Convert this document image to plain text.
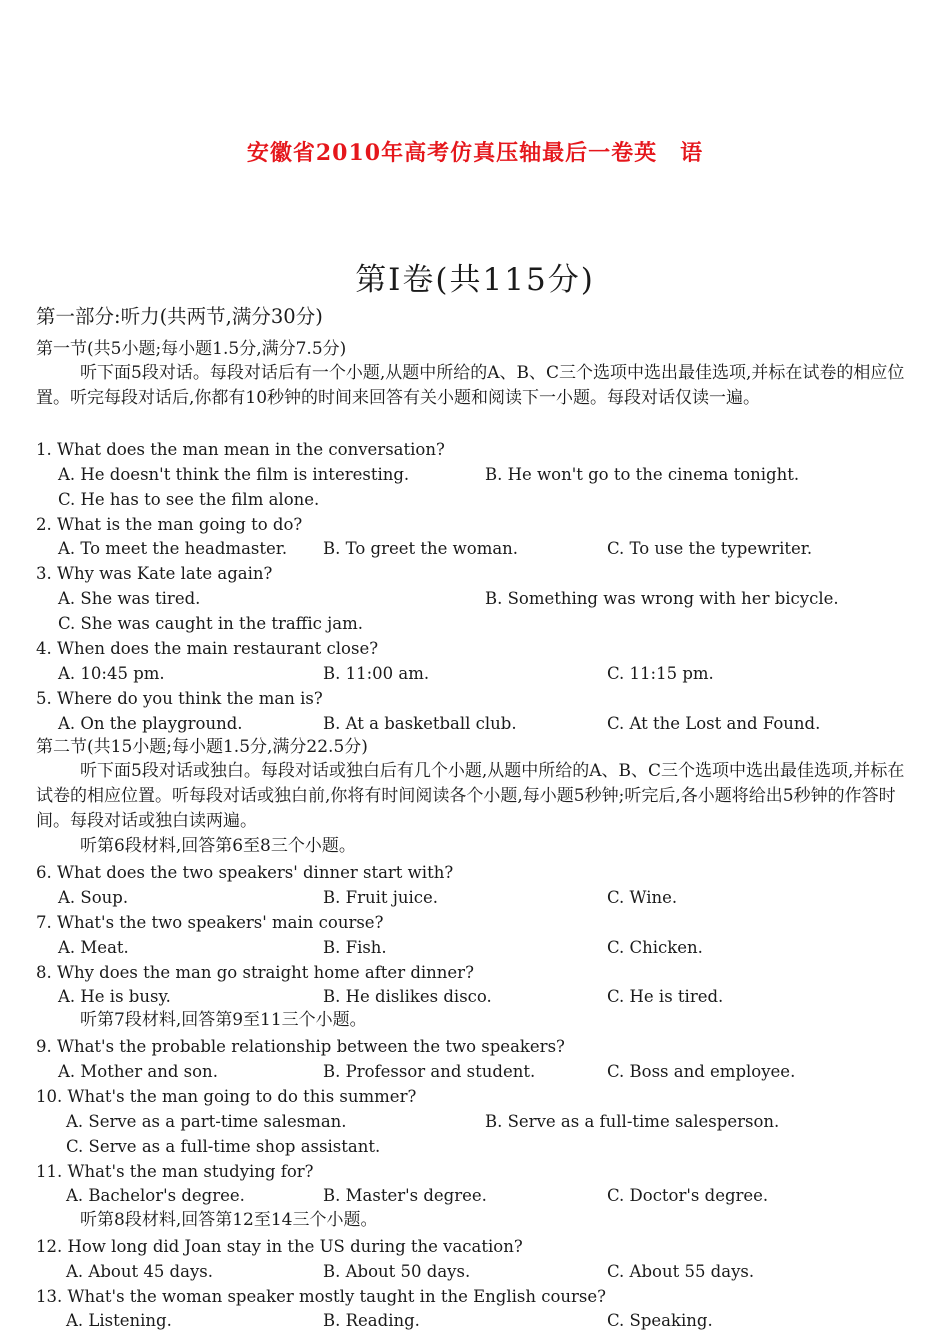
安徽省2010年高考仿真压轴最后一卷英　语
第Ⅰ卷(共115分)
第一部分:听力(共两节,满分30分)
第一节(共5小题;每小题1.5分,满分7.5分)
听下面5段对话。每段对话后有一个小题,从题中所给的A、B、C三个选项中选出最佳选项,并标在试卷的相应位置。听完每段对话后,你都有10秒钟的时间来回答有关小题和阅读下一小题。每段对话仅读一遍。
1. What does the man mean in the conversation?
A. He doesn't think the film is interesting.	B. He won't go to the cinema tonight.
C. He has to see the film alone.
2. What is the man going to do?
A. To meet the headmaster. B. To greet the woman.	C. To use the typewriter.
3. Why was Kate late again?
A. She was tired.	B. Something was wrong with her bicycle.
C. She was caught in the traffic jam.
4. When does the main restaurant close?
A. 10:45 pm.	B. 11:00 am.	C. 11:15 pm.
5. Where do you think the man is?
A. On the playground.	B. At a basketball club.	C. At the Lost and Found.
第二节(共15小题;每小题1.5分,满分22.5分)
听下面5段对话或独白。每段对话或独白后有几个小题,从题中所给的A、B、C三个选项中选出最佳选项,并标在试卷的相应位置。听每段对话或独白前,你将有时间阅读各个小题,每小题5秒钟;听完后,各小题将给出5秒钟的作答时间。每段对话或独白读两遍。
听第6段材料,回答第6至8三个小题。
6. What does the two speakers' dinner start with?
A. Soup.	B. Fruit juice.	C. Wine.
7. What's the two speakers' main course?
A. Meat.	B. Fish.	C. Chicken.
8. Why does the man go straight home after dinner?
A. He is busy.	B. He dislikes disco.	C. He is tired.
听第7段材料,回答第9至11三个小题。
9. What's the probable relationship between the two speakers?
A. Mother and son.	B. Professor and student.	C. Boss and employee.
10. What's the man going to do this summer?
A. Serve as a part-time salesman.	B. Serve as a full-time salesperson.
C. Serve as a full-time shop assistant.
11. What's the man studying for?
A. Bachelor's degree.	B. Master's degree.	C. Doctor's degree.
听第8段材料,回答第12至14三个小题。
12. How long did Joan stay in the US during the vacation?
A. About 45 days.	B. About 50 days.	C. About 55 days.
13. What's the woman speaker mostly taught in the English course?
A. Listening.	B. Reading.	C. Speaking.
